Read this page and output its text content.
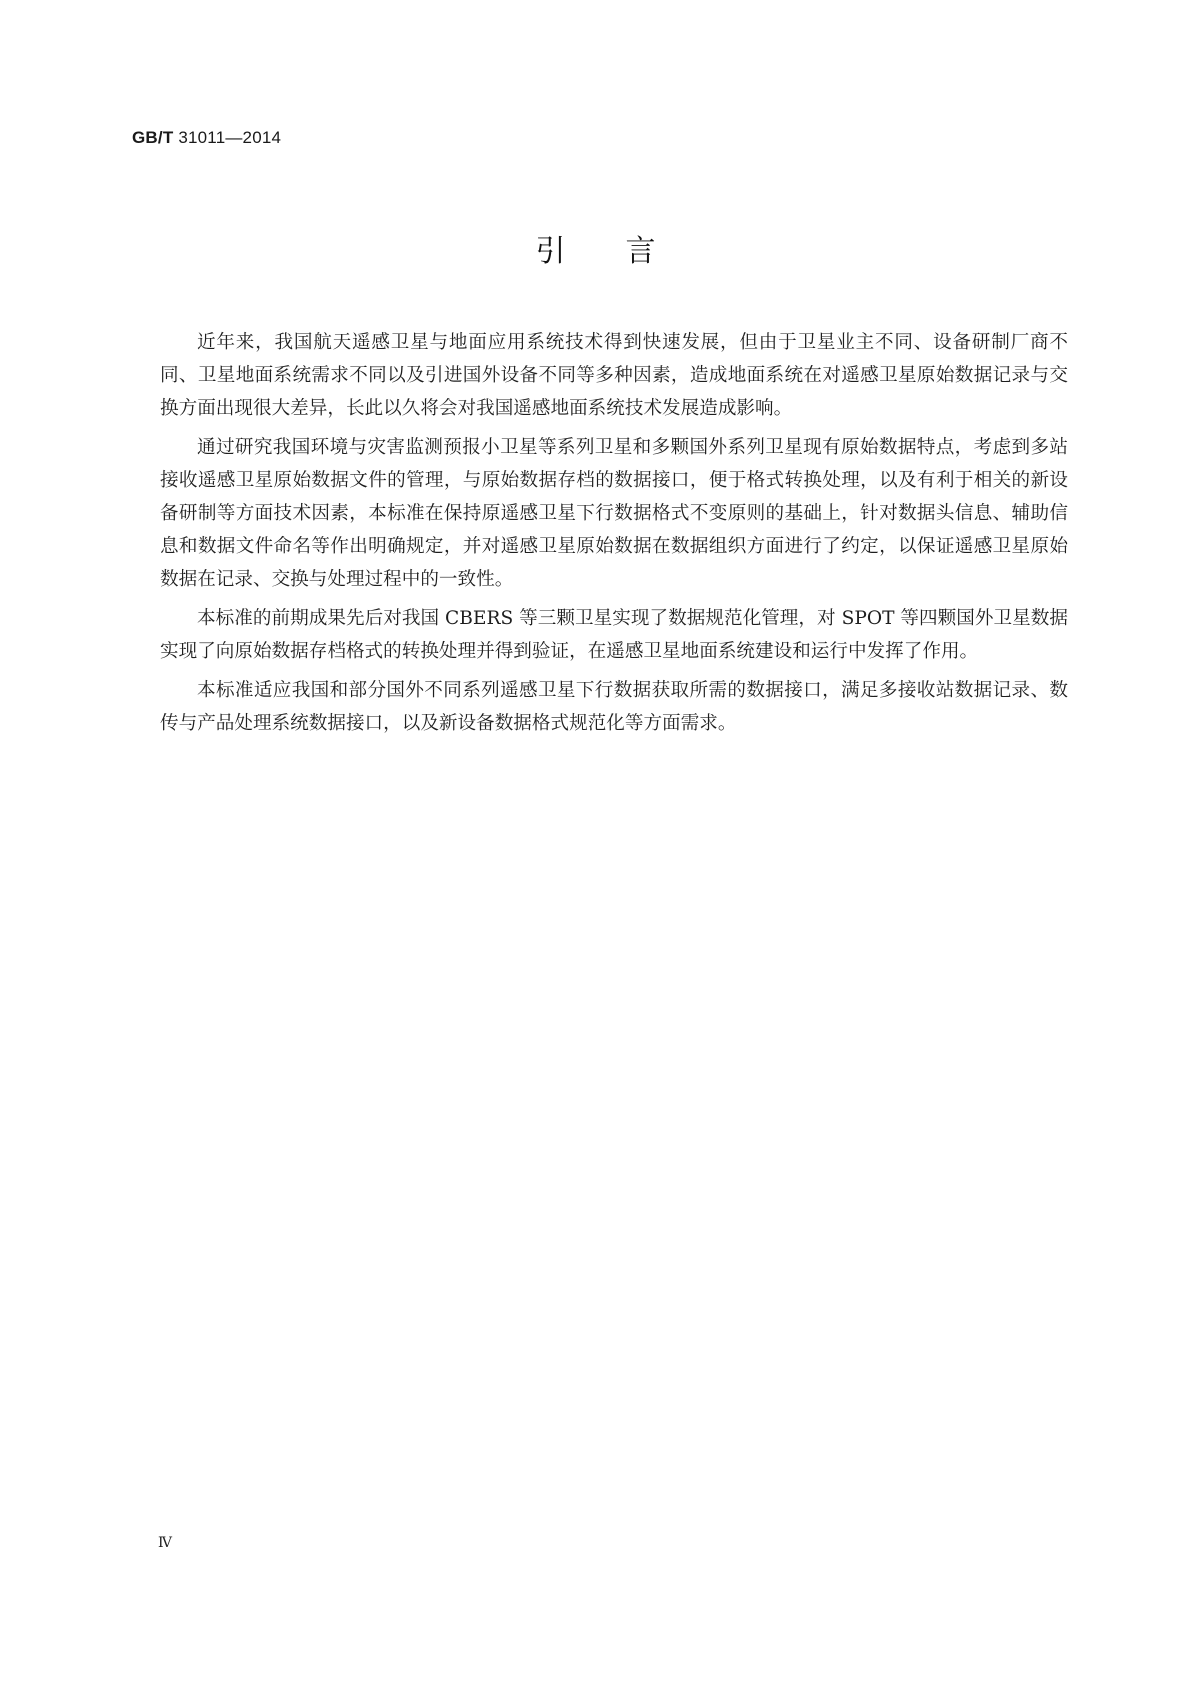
GB/T 31011—2014
引言

近年来，我国航天遥感卫星与地面应用系统技术得到快速发展，但由于卫星业主不同、设备研制厂商不同、卫星地面系统需求不同以及引进国外设备不同等多种因素，造成地面系统在对遥感卫星原始数据记录与交换方面出现很大差异，长此以久将会对我国遥感地面系统技术发展造成影响。

通过研究我国环境与灾害监测预报小卫星等系列卫星和多颗国外系列卫星现有原始数据特点，考虑到多站接收遥感卫星原始数据文件的管理，与原始数据存档的数据接口，便于格式转换处理，以及有利于相关的新设备研制等方面技术因素，本标准在保持原遥感卫星下行数据格式不变原则的基础上，针对数据头信息、辅助信息和数据文件命名等作出明确规定，并对遥感卫星原始数据在数据组织方面进行了约定，以保证遥感卫星原始数据在记录、交换与处理过程中的一致性。

本标准的前期成果先后对我国 CBERS 等三颗卫星实现了数据规范化管理，对 SPOT 等四颗国外卫星数据实现了向原始数据存档格式的转换处理并得到验证，在遥感卫星地面系统建设和运行中发挥了作用。

本标准适应我国和部分国外不同系列遥感卫星下行数据获取所需的数据接口，满足多接收站数据记录、数传与产品处理系统数据接口，以及新设备数据格式规范化等方面需求。

Ⅳ
